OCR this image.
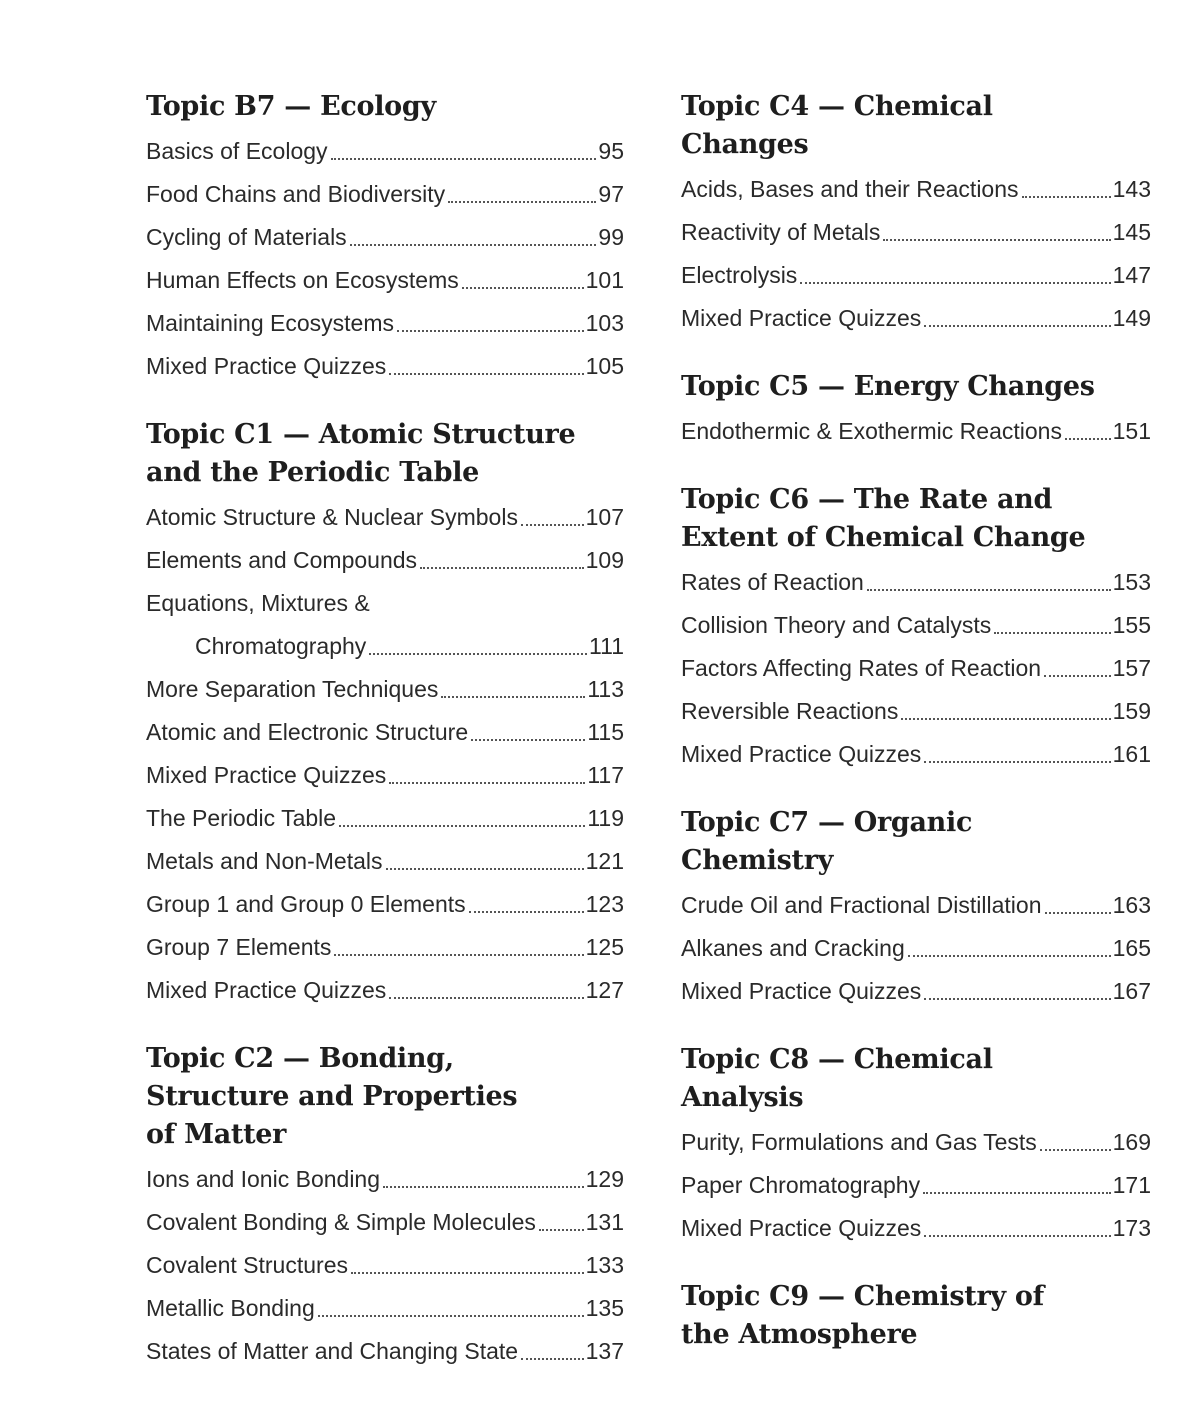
Topic B7 — Ecology
Basics of Ecology	95
Food Chains and Biodiversity	97
Cycling of Materials	99
Human Effects on Ecosystems	101
Maintaining Ecosystems	103
Mixed Practice Quizzes	105
Topic C1 — Atomic Structure
and the Periodic Table
Atomic Structure & Nuclear Symbols	107
Elements and Compounds	109
Equations, Mixtures &
Chromatography	111
More Separation Techniques	113
Atomic and Electronic Structure	115
Mixed Practice Quizzes	117
The Periodic Table	119
Metals and Non-Metals	121
Group 1 and Group 0 Elements	123
Group 7 Elements	125
Mixed Practice Quizzes	127
Topic C2 — Bonding,
Structure and Properties
of Matter
Ions and Ionic Bonding	129
Covalent Bonding & Simple Molecules 131
Covalent Structures	133
Metallic Bonding	135
States of Matter and Changing State	137
Topic C4 — Chemical
Changes
Acids, Bases and their Reactions	143
Reactivity of Metals	145
Electrolysis	147
Mixed Practice Quizzes	149
Topic C5 — Energy Changes
Endothermic & Exothermic Reactions 151
Topic C6 — The Rate and
Extent of Chemical Change
Rates of Reaction	153
Collision Theory and Catalysts	155
Factors Affecting Rates of Reaction	157
Reversible Reactions	159
Mixed Practice Quizzes	161
Topic C7 — Organic
Chemistry
Crude Oil and Fractional Distillation	163
Alkanes and Cracking	165
Mixed Practice Quizzes	167
Topic C8 — Chemical
Analysis
Purity, Formulations and Gas Tests	169
Paper Chromatography	171
Mixed Practice Quizzes	173
Topic C9 — Chemistry of
the Atmosphere
